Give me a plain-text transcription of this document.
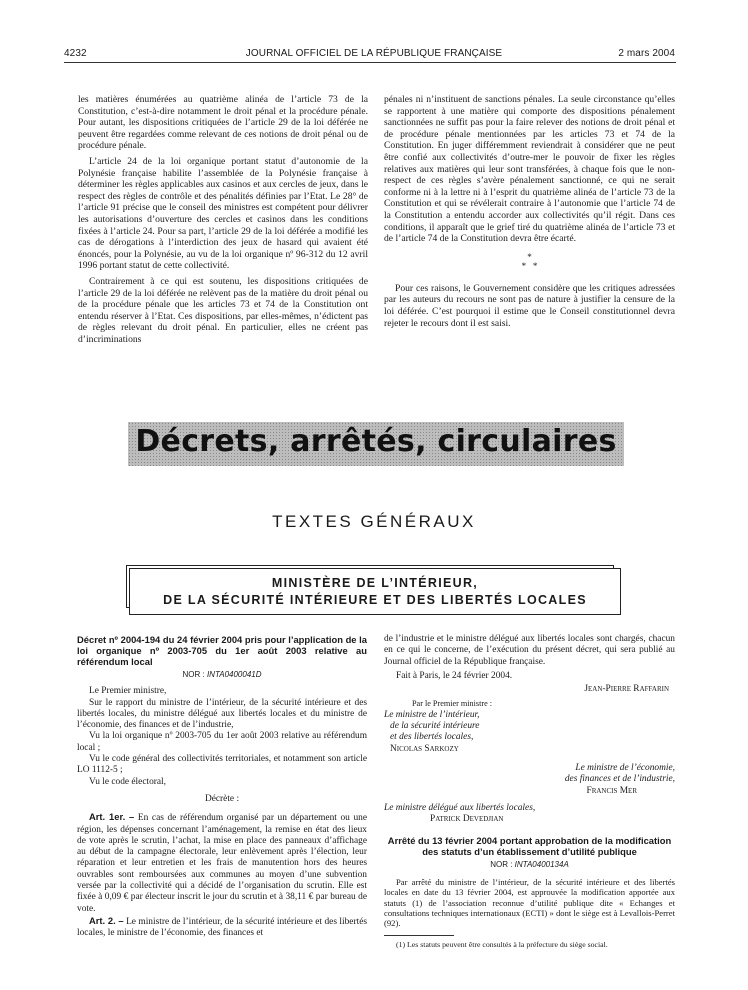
4232	JOURNAL OFFICIEL DE LA RÉPUBLIQUE FRANÇAISE	2 mars 2004

les matières énumérées au quatrième alinéa de l’article 73 de la Constitution, c’est-à-dire notamment le droit pénal et la procédure pénale. Pour autant, les dispositions critiquées de l’article 29 de la loi déférée ne peuvent être regardées comme relevant de ces notions de droit pénal ou de procédure pénale.

L’article 24 de la loi organique portant statut d’autonomie de la Polynésie française habilite l’assemblée de la Polynésie française à déterminer les règles applicables aux casinos et aux cercles de jeux, dans le respect des règles de contrôle et des pénalités définies par l’Etat. Le 28° de l’article 91 précise que le conseil des ministres est compétent pour délivrer les autorisations d’ouverture des cercles et casinos dans les conditions fixées à l’article 24. Pour sa part, l’article 29 de la loi déférée a modifié les cas de dérogations à l’interdiction des jeux de hasard qui avaient été énoncés, pour la Polynésie, au vu de la loi organique nº 96-312 du 12 avril 1996 portant statut de cette collectivité.

Contrairement à ce qui est soutenu, les dispositions critiquées de l’article 29 de la loi déférée ne relèvent pas de la matière du droit pénal ou de la procédure pénale que les articles 73 et 74 de la Constitution ont entendu réserver à l’Etat. Ces dispositions, par elles-mêmes, n’édictent pas de règles relevant du droit pénal. En particulier, elles ne créent pas d’incriminations

pénales ni n’instituent de sanctions pénales. La seule circonstance qu’elles se rapportent à une matière qui comporte des dispositions pénalement sanctionnées ne suffit pas pour la faire relever des notions de droit pénal et de procédure pénale mentionnées par les articles 73 et 74 de la Constitution. En juger différemment reviendrait à considérer que ne peut être confié aux collectivités d’outre-mer le pouvoir de fixer les règles relatives aux matières qui leur sont transférées, à chaque fois que le non-respect de ces règles s’avère pénalement sanctionné, ce qui ne serait conforme ni à la lettre ni à l’esprit du quatrième alinéa de l’article 73 de la Constitution et qui se révélerait contraire à l’autonomie que l’article 74 de la Constitution a entendu accorder aux collectivités qu’il régit. Dans ces conditions, il apparaît que le grief tiré du quatrième alinéa de l’article 73 et de l’article 74 de la Constitution devra être écarté.

*
*   *

Pour ces raisons, le Gouvernement considère que les critiques adressées par les auteurs du recours ne sont pas de nature à justifier la censure de la loi déférée. C’est pourquoi il estime que le Conseil constitutionnel devra rejeter le recours dont il est saisi.

Décrets, arrêtés, circulaires
TEXTES GÉNÉRAUX
MINISTÈRE DE L’INTÉRIEUR,
DE LA SÉCURITÉ INTÉRIEURE ET DES LIBERTÉS LOCALES
Décret nº 2004-194 du 24 février 2004 pris pour l’application de la loi organique nº 2003-705 du 1er août 2003 relative au référendum local
NOR : INTA0400041D

Le Premier ministre,

Sur le rapport du ministre de l’intérieur, de la sécurité intérieure et des libertés locales, du ministre délégué aux libertés locales et du ministre de l’économie, des finances et de l’industrie,

Vu la loi organique nº 2003-705 du 1er août 2003 relative au référendum local ;

Vu le code général des collectivités territoriales, et notamment son article LO 1112-5 ;

Vu le code électoral,

Décrète :

Art. 1er. – En cas de référendum organisé par un département ou une région, les dépenses concernant l’aménagement, la remise en état des lieux de vote après le scrutin, l’achat, la mise en place des panneaux d’affichage au début de la campagne électorale, leur enlèvement après l’élection, leur réparation et leur entretien et les frais de manutention hors des heures ouvrables sont remboursées aux communes au moyen d’une subvention versée par la collectivité qui a décidé de l’organisation du scrutin. Elle est fixée à 0,09 € par électeur inscrit le jour du scrutin et à 38,11 € par bureau de vote.

Art. 2. – Le ministre de l’intérieur, de la sécurité intérieure et des libertés locales, le ministre de l’économie, des finances et

de l’industrie et le ministre délégué aux libertés locales sont chargés, chacun en ce qui le concerne, de l’exécution du présent décret, qui sera publié au Journal officiel de la République française.

Fait à Paris, le 24 février 2004.

Jean-Pierre Raffarin
Par le Premier ministre :
Le ministre de l’intérieur,
de la sécurité intérieure
et des libertés locales,
Nicolas Sarkozy
Le ministre de l’économie,
des finances et de l’industrie,
Francis Mer
Le ministre délégué aux libertés locales,
Patrick Devedjian
Arrêté du 13 février 2004 portant approbation de la modification des statuts d’un établissement d’utilité publique
NOR : INTA0400134A

Par arrêté du ministre de l’intérieur, de la sécurité intérieure et des libertés locales en date du 13 février 2004, est approuvée la modification apportée aux statuts (1) de l’association reconnue d’utilité publique dite « Echanges et consultations techniques internationaux (ECTI) » dont le siège est à Levallois-Perret (92).

(1) Les statuts peuvent être consultés à la préfecture du siège social.
